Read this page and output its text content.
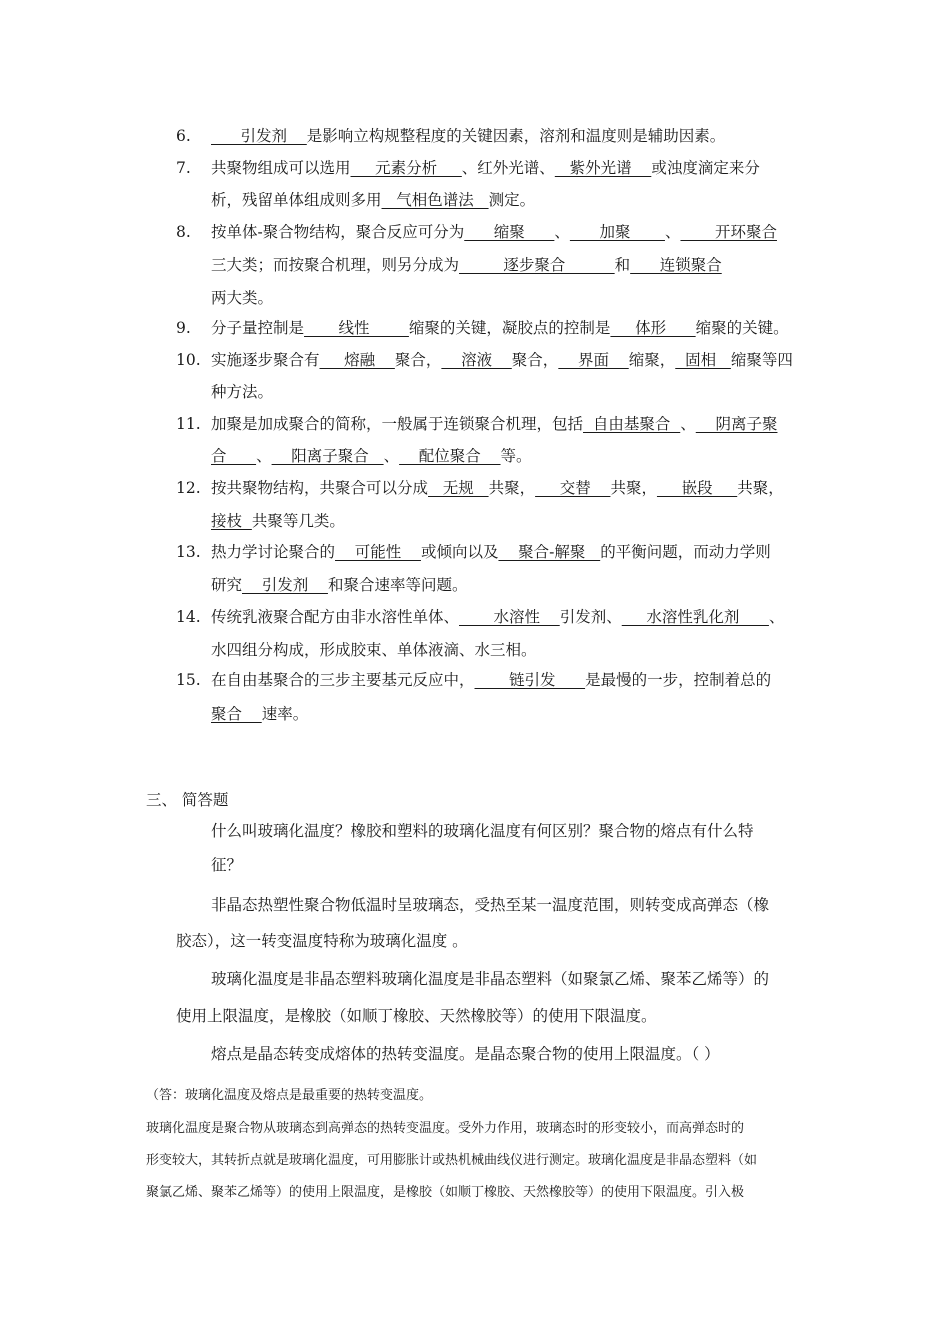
6. 引发剂    是影响立构规整程度的关键因素，溶剂和温度则是辅助因素。
7. 共聚物组成可以选用     元素分析     、红外光谱、   紫外光谱    或浊度滴定来分
析，残留单体组成则多用   气相色谱法   测定。
8. 按单体-聚合物结构，聚合反应可分为      缩聚      、      加聚       、       开环聚合
三大类；而按聚合机理，则另分成为         逐步聚合          和      连锁聚合
两大类。
9. 分子量控制是       线性        缩聚的关键，凝胶点的控制是     体形      缩聚的关键。
10. 实施逐步聚合有     熔融    聚合，    溶液    聚合，    界面    缩聚，  固相   缩聚等四
种方法。
11. 加聚是加成聚合的简称，一般属于连锁聚合机理，包括  自由基聚合  、    阴离子聚
合      、    阳离子聚合   、    配位聚合    等。
12. 按共聚物结构，共聚合可以分成   无规   共聚，     交替    共聚，     嵌段     共聚，
接枝  共聚等几类。
13. 热力学讨论聚合的    可能性    或倾向以及    聚合-解聚   的平衡问题，而动力学则
研究    引发剂    和聚合速率等问题。
14. 传统乳液聚合配方由非水溶性单体、       水溶性    引发剂、     水溶性乳化剂      、
水四组分构成，形成胶束、单体液滴、水三相。
15. 在自由基聚合的三步主要基元反应中，       链引发      是最慢的一步，控制着总的
聚合    速率。
三、 简答题
什么叫玻璃化温度？橡胶和塑料的玻璃化温度有何区别？聚合物的熔点有什么特
征？
非晶态热塑性聚合物低温时呈玻璃态，受热至某一温度范围，则转变成高弹态（橡
胶态），这一转变温度特称为玻璃化温度 。
玻璃化温度是非晶态塑料玻璃化温度是非晶态塑料（如聚氯乙烯、聚苯乙烯等）的
使用上限温度，是橡胶（如顺丁橡胶、天然橡胶等）的使用下限温度。
熔点是晶态转变成熔体的热转变温度。是晶态聚合物的使用上限温度。（ ）
（答：玻璃化温度及熔点是最重要的热转变温度。
玻璃化温度是聚合物从玻璃态到高弹态的热转变温度。受外力作用，玻璃态时的形变较小，而高弹态时的
形变较大，其转折点就是玻璃化温度，可用膨胀计或热机械曲线仪进行测定。玻璃化温度是非晶态塑料（如
聚氯乙烯、聚苯乙烯等）的使用上限温度，是橡胶（如顺丁橡胶、天然橡胶等）的使用下限温度。引入极
